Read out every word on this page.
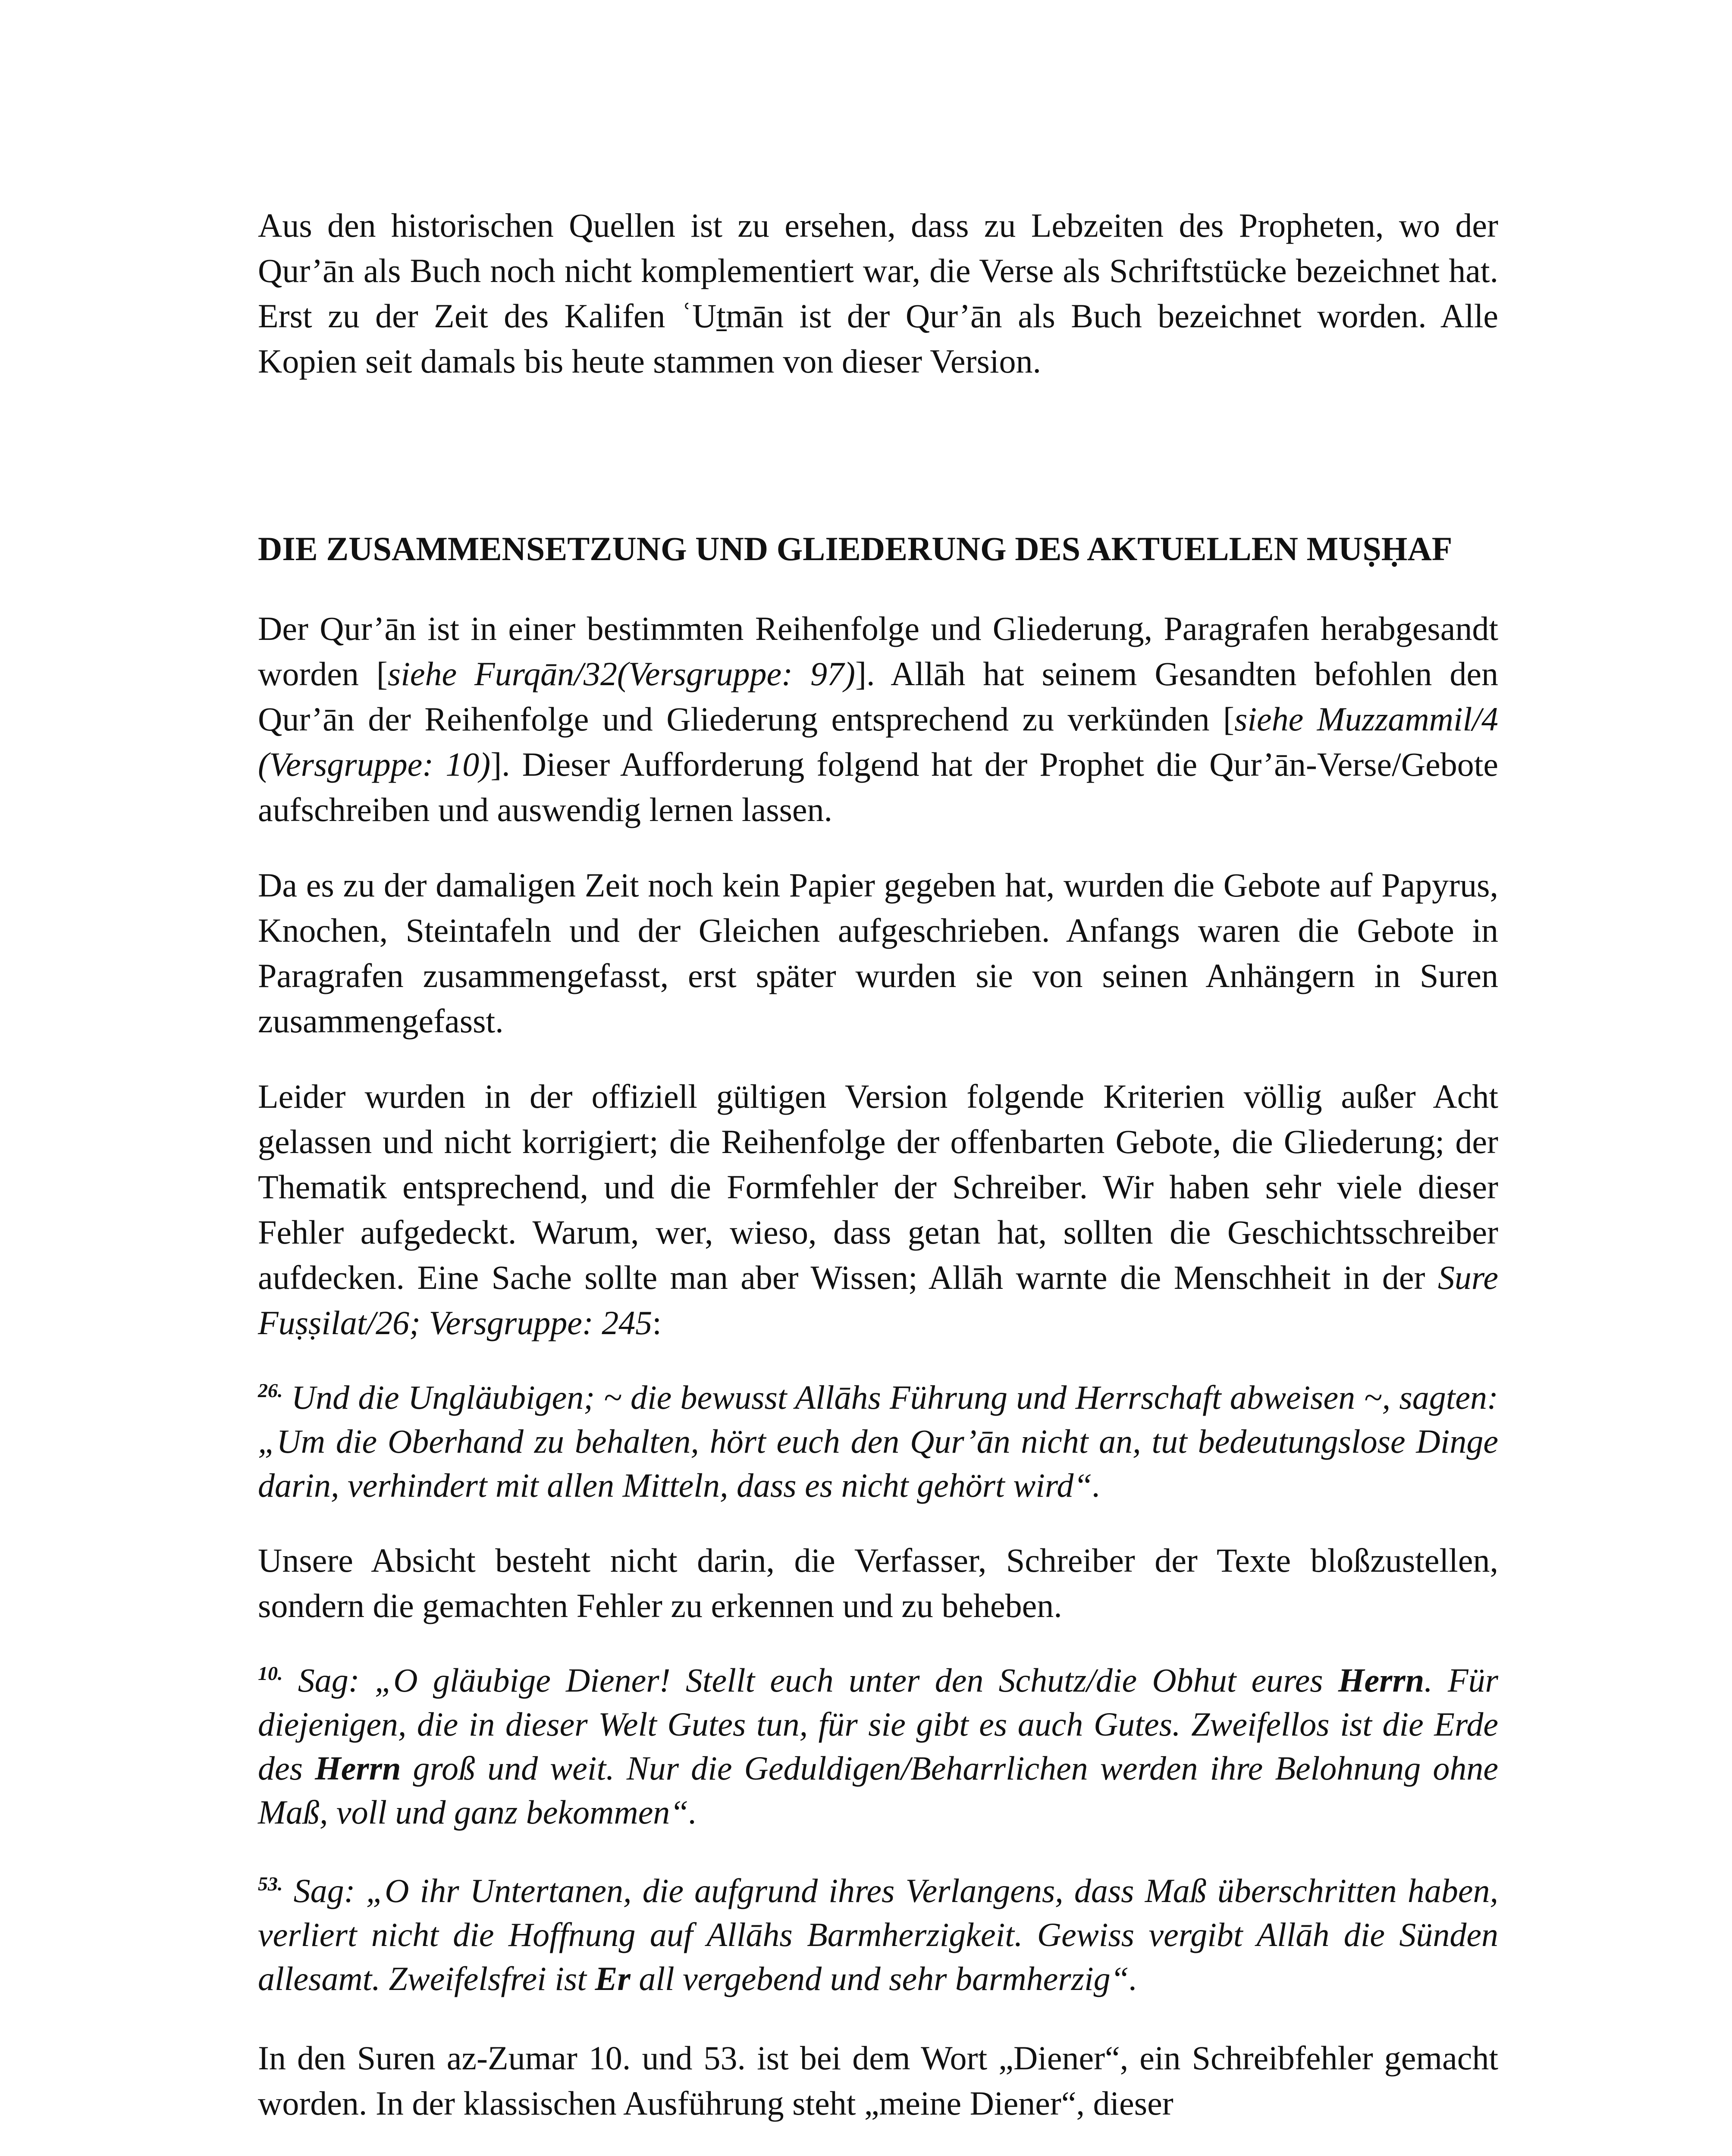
Aus den historischen Quellen ist zu ersehen, dass zu Lebzeiten des Propheten, wo der Qur’ān als Buch noch nicht komplementiert war, die Verse als Schriftstücke bezeichnet hat. Erst zu der Zeit des Kalifen ʿUṯmān ist der Qur’ān als Buch bezeichnet worden. Alle Kopien seit damals bis heute stammen von dieser Version.

DIE ZUSAMMENSETZUNG UND GLIEDERUNG DES AKTUELLEN MUṢḤAF

Der Qur’ān ist in einer bestimmten Reihenfolge und Gliederung, Paragrafen herabgesandt worden [siehe Furqān/32(Versgruppe: 97)]. Allāh hat seinem Gesandten befohlen den Qur’ān der Reihenfolge und Gliederung entsprechend zu verkünden [siehe Muzzammil/4 (Versgruppe: 10)]. Dieser Aufforderung folgend hat der Prophet die Qur’ān-Verse/Gebote aufschreiben und auswendig lernen lassen.

Da es zu der damaligen Zeit noch kein Papier gegeben hat, wurden die Gebote auf Papyrus, Knochen, Steintafeln und der Gleichen aufgeschrieben. Anfangs waren die Gebote in Paragrafen zusammengefasst, erst später wurden sie von seinen Anhängern in Suren zusammengefasst.

Leider wurden in der offiziell gültigen Version folgende Kriterien völlig außer Acht gelassen und nicht korrigiert; die Reihenfolge der offenbarten Gebote, die Gliederung; der Thematik entsprechend, und die Formfehler der Schreiber. Wir haben sehr viele dieser Fehler aufgedeckt. Warum, wer, wieso, dass getan hat, sollten die Geschichtsschreiber aufdecken. Eine Sache sollte man aber Wissen; Allāh warnte die Menschheit in der Sure Fuṣṣilat/26; Versgruppe: 245:

$^{26.}$ Und die Ungläubigen; ~ die bewusst Allāhs Führung und Herrschaft abweisen ~, sagten: „Um die Oberhand zu behalten, hört euch den Qur’ān nicht an, tut bedeutungslose Dinge darin, verhindert mit allen Mitteln, dass es nicht gehört wird“.

Unsere Absicht besteht nicht darin, die Verfasser, Schreiber der Texte bloßzustellen, sondern die gemachten Fehler zu erkennen und zu beheben.

$^{10.}$ Sag: „O gläubige Diener! Stellt euch unter den Schutz/die Obhut eures Herrn. Für diejenigen, die in dieser Welt Gutes tun, für sie gibt es auch Gutes. Zweifellos ist die Erde des Herrn groß und weit. Nur die Geduldigen/Beharrlichen werden ihre Belohnung ohne Maß, voll und ganz bekommen“.

$^{53.}$ Sag: „O ihr Untertanen, die aufgrund ihres Verlangens, dass Maß überschritten haben, verliert nicht die Hoffnung auf Allāhs Barmherzigkeit. Gewiss vergibt Allāh die Sünden allesamt. Zweifelsfrei ist Er all vergebend und sehr barmherzig“.

In den Suren az-Zumar 10. und 53. ist bei dem Wort „Diener“, ein Schreibfehler gemacht worden. In der klassischen Ausführung steht „meine Diener“, dieser
